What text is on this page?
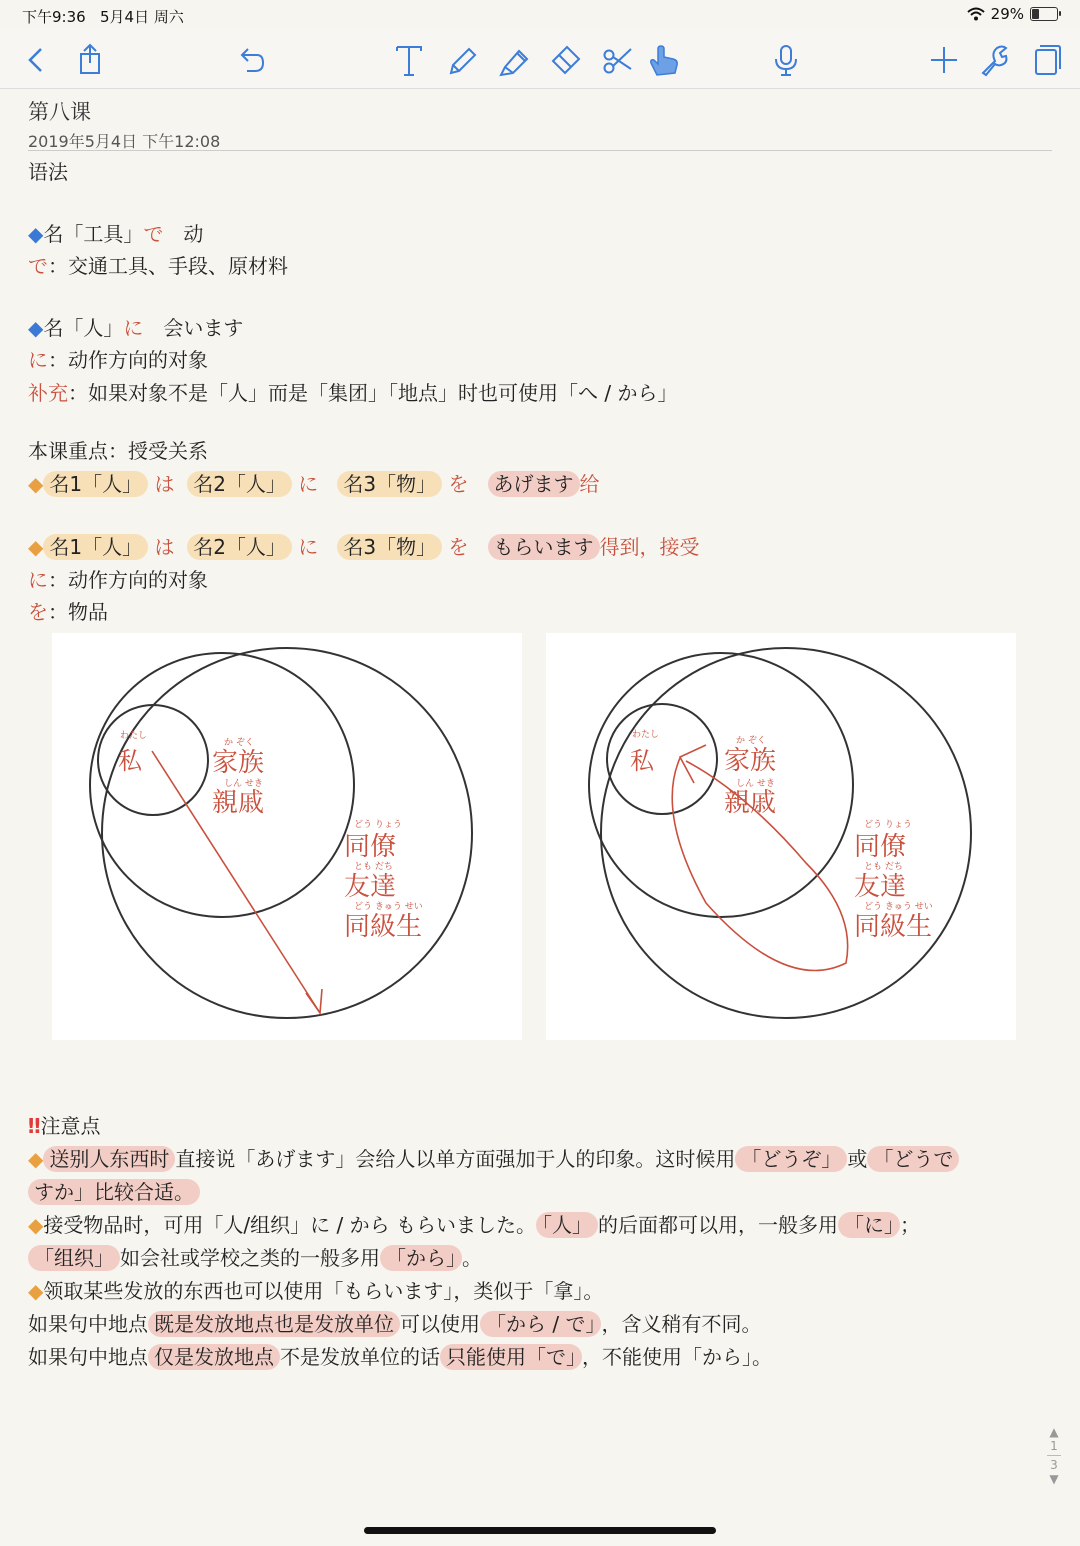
下午9:36 5月4日 周六	29%
第八课
2019年5月4日 下午12:08
语法
◆名「工具」で　动
で：交通工具、手段、原材料
◆名「人」に　会います
に：动作方向的对象
补充：如果对象不是「人」而是「集团」「地点」时也可使用「へ / から」
本课重点：授受关系
◆ 名1「人」 は 名2「人」 に 名3「物」 を あげます 给
◆ 名1「人」 は 名2「人」 に 名3「物」 を もらいます 得到，接受
に：动作方向的对象
を：物品
わたし
私
か ぞく
家族
しん せき
親戚
どう りょう
同僚
とも だち
友達
どう きゅう せい
同級生
わたし
私
か ぞく
家族
しん せき
親戚
どう りょう
同僚
とも だち
友達
どう きゅう せい
同級生
‼注意点
◆ 送别人东西时 直接说「あげます」会给人以单方面强加于人的印象。这时候用 「どうぞ」 或 「どうで
すか」比较合适。
◆接受物品时，可用「人/组织」に / から もらいました。 「人」 的后面都可以用，一般多用 「に」 ；
「组织」 如会社或学校之类的一般多用 「から」 。
◆领取某些发放的东西也可以使用「もらいます」，类似于「拿」。
如果句中地点 既是发放地点也是发放单位 可以使用 「から / で」 ，含义稍有不同。
如果句中地点 仅是发放地点 不是发放单位的话 只能使用「で」 ，不能使用「から」。
▲
1
3
▼
